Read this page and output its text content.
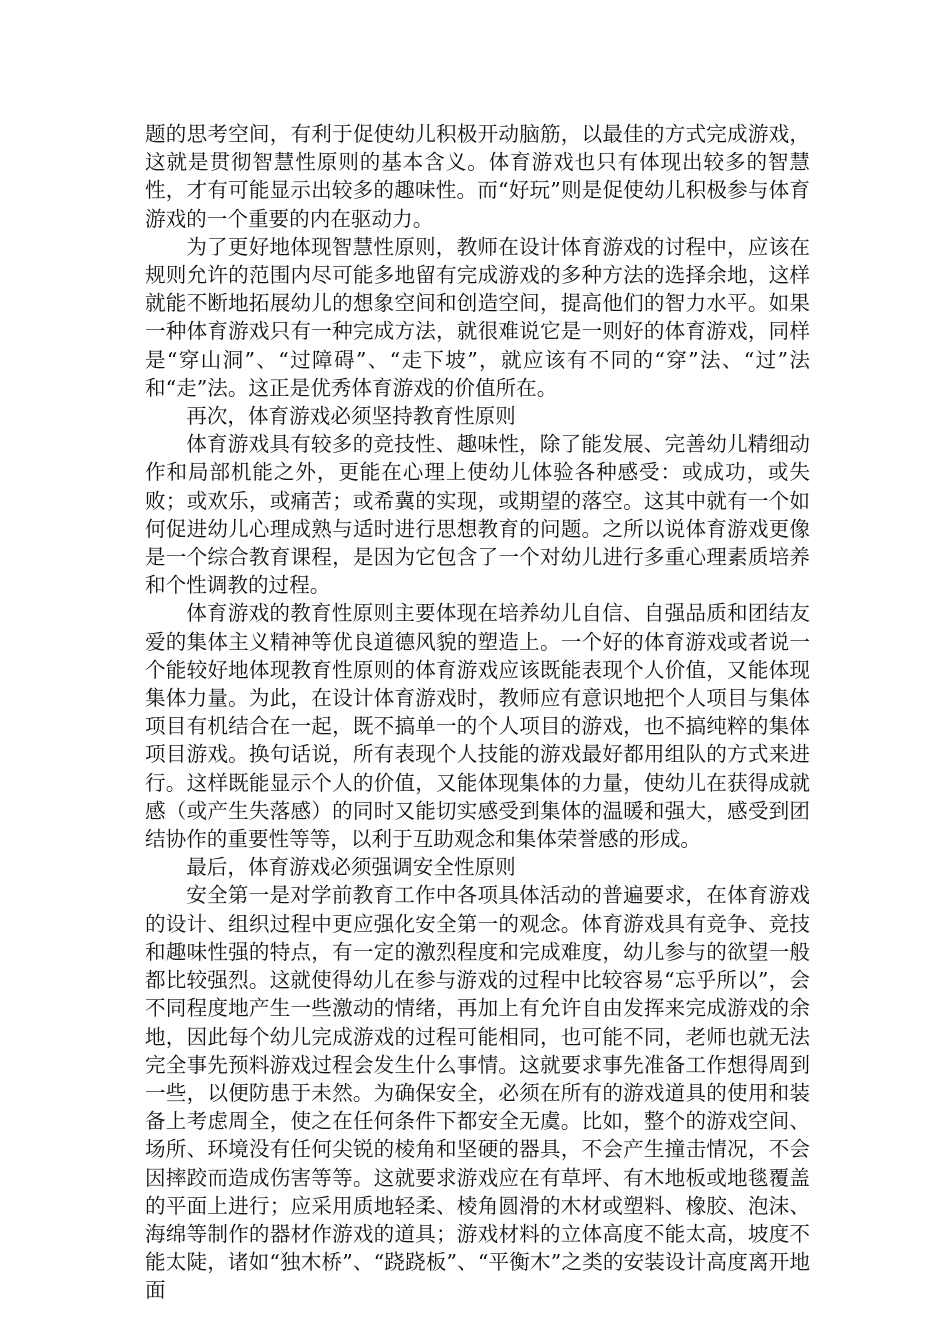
题的思考空间，有利于促使幼儿积极开动脑筋，以最佳的方式完成游戏，这就是贯彻智慧性原则的基本含义。体育游戏也只有体现出较多的智慧性，才有可能显示出较多的趣味性。而“好玩”则是促使幼儿积极参与体育游戏的一个重要的内在驱动力。

为了更好地体现智慧性原则，教师在设计体育游戏的讨程中，应该在规则允许的范围内尽可能多地留有完成游戏的多种方法的选择余地，这样就能不断地拓展幼儿的想象空间和创造空间，提高他们的智力水平。如果一种体育游戏只有一种完成方法，就很难说它是一则好的体育游戏，同样是“穿山洞”、“过障碍”、“走下坡”，就应该有不同的“穿”法、“过”法和“走”法。这正是优秀体育游戏的价值所在。

再次，体育游戏必须坚持教育性原则

体育游戏具有较多的竞技性、趣味性，除了能发展、完善幼儿精细动作和局部机能之外，更能在心理上使幼儿体验各种感受：或成功，或失败；或欢乐，或痛苦；或希冀的实现，或期望的落空。这其中就有一个如何促进幼儿心理成熟与适时进行思想教育的问题。之所以说体育游戏更像是一个综合教育课程，是因为它包含了一个对幼儿进行多重心理素质培养和个性调教的过程。

体育游戏的教育性原则主要体现在培养幼儿自信、自强品质和团结友爱的集体主义精神等优良道德风貌的塑造上。一个好的体育游戏或者说一个能较好地体现教育性原则的体育游戏应该既能表现个人价值，又能体现集体力量。为此，在设计体育游戏时，教师应有意识地把个人项目与集体项目有机结合在一起，既不搞单一的个人项目的游戏，也不搞纯粹的集体项目游戏。换句话说，所有表现个人技能的游戏最好都用组队的方式来进行。这样既能显示个人的价值，又能体现集体的力量，使幼儿在获得成就感（或产生失落感）的同时又能切实感受到集体的温暖和强大，感受到团结协作的重要性等等，以利于互助观念和集体荣誉感的形成。

最后，体育游戏必须强调安全性原则

安全第一是对学前教育工作中各项具体活动的普遍要求，在体育游戏的设计、组织过程中更应强化安全第一的观念。体育游戏具有竞争、竞技和趣味性强的特点，有一定的激烈程度和完成难度，幼儿参与的欲望一般都比较强烈。这就使得幼儿在参与游戏的过程中比较容易“忘乎所以”，会不同程度地产生一些激动的情绪，再加上有允许自由发挥来完成游戏的余地，因此每个幼儿完成游戏的过程可能相同，也可能不同，老师也就无法完全事先预料游戏过程会发生什么事情。这就要求事先准备工作想得周到一些，以便防患于未然。为确保安全，必须在所有的游戏道具的使用和装备上考虑周全，使之在任何条件下都安全无虞。比如，整个的游戏空间、场所、环境没有任何尖锐的棱角和坚硬的器具，不会产生撞击情况，不会因摔跤而造成伤害等等。这就要求游戏应在有草坪、有木地板或地毯覆盖的平面上进行；应采用质地轻柔、棱角圆滑的木材或塑料、橡胶、泡沫、海绵等制作的器材作游戏的道具；游戏材料的立体高度不能太高，坡度不能太陡，诸如“独木桥”、“跷跷板”、“平衡木”之类的安装设计高度离开地面
